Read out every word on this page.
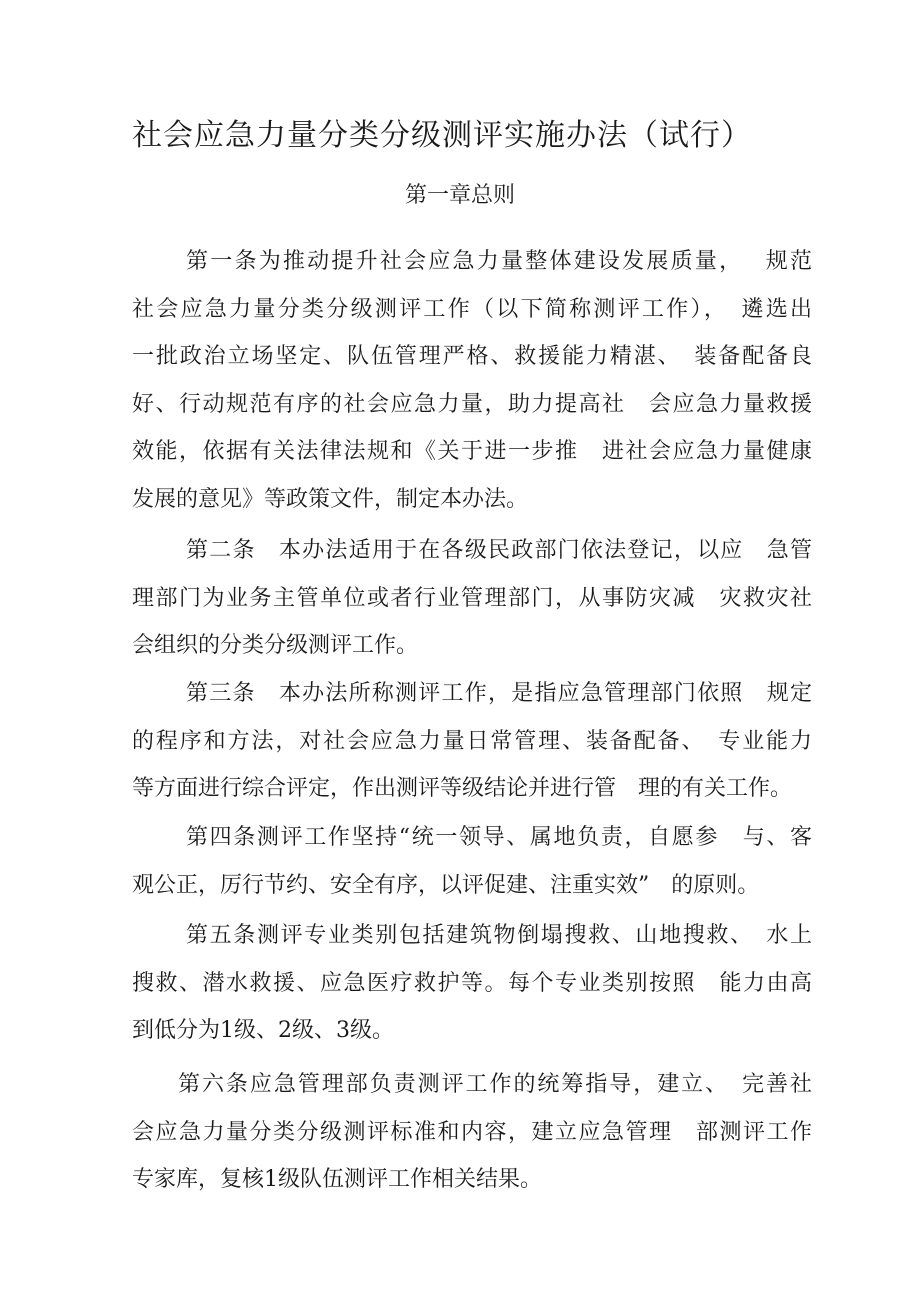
社会应急力量分类分级测评实施办法（试行）
第一章总则
第一条为推动提升社会应急力量整体建设发展质量，　 规范
社会应急力量分类分级测评工作（以下简称测评工作），　遴选出
一批政治立场坚定、队伍管理严格、救援能力精湛、　装备配备良
好、行动规范有序的社会应急力量，助力提高社　会应急力量救援
效能，依据有关法律法规和《关于进一步推　进社会应急力量健康
发展的意见》等政策文件，制定本办法。
第二条　本办法适用于在各级民政部门依法登记，以应　急管
理部门为业务主管单位或者行业管理部门，从事防灾减　灾救灾社
会组织的分类分级测评工作。
第三条　本办法所称测评工作，是指应急管理部门依照　规定
的程序和方法，对社会应急力量日常管理、装备配备、　专业能力
等方面进行综合评定，作出测评等级结论并进行管　理的有关工作。
第四条测评工作坚持“统一领导、属地负责，自愿参　与、客
观公正，厉行节约、安全有序，以评促建、注重实效”　的原则。
第五条测评专业类别包括建筑物倒塌搜救、山地搜救、　水上
搜救、潜水救援、应急医疗救护等。每个专业类别按照　能力由高
到低分为1级、2级、3级。
第六条应急管理部负责测评工作的统筹指导，建立、　完善社
会应急力量分类分级测评标准和内容，建立应急管理　部测评工作
专家库，复核1级队伍测评工作相关结果。
